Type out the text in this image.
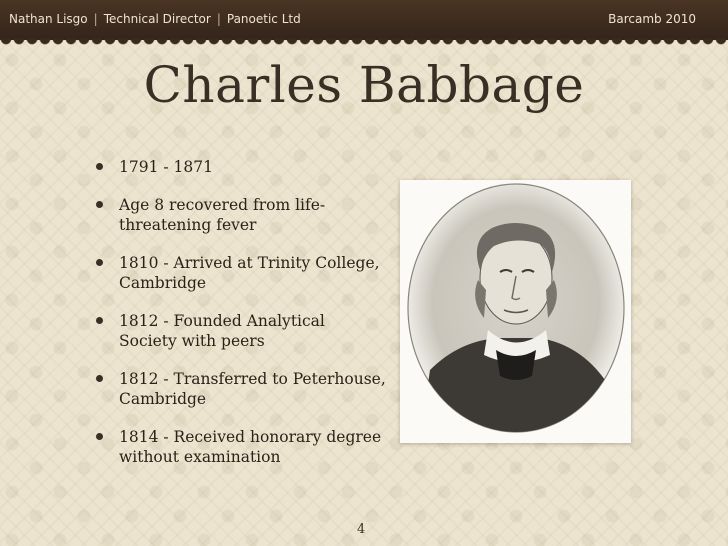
Nathan Lisgo | Technical Director | Panoetic Ltd	Barcamb 2010
Charles Babbage
1791 - 1871
Age 8 recovered from life-
threatening fever
1810 - Arrived at Trinity College,
Cambridge
1812 - Founded Analytical
Society with peers
1812 - Transferred to Peterhouse,
Cambridge
1814 - Received honorary degree
without examination
4
